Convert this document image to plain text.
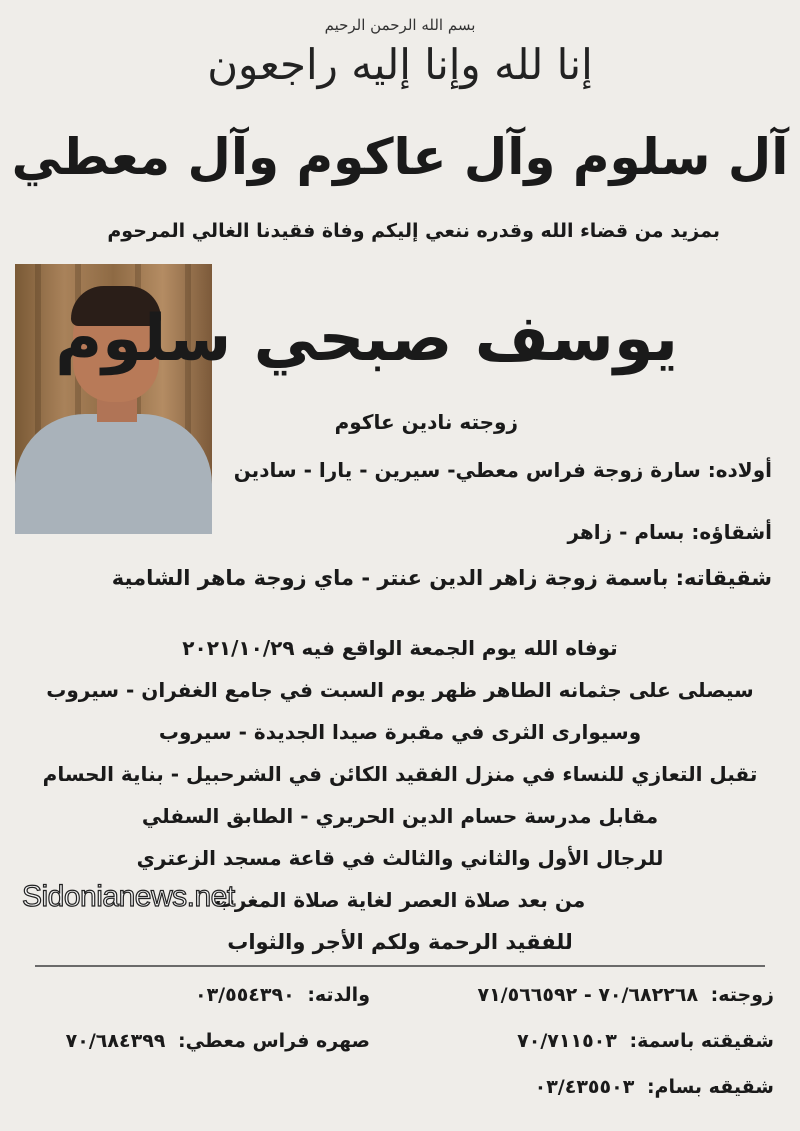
بسم الله الرحمن الرحيم
إنا لله وإنا إليه راجعون
آل سلوم وآل عاكوم وآل معطي
بمزيد من قضاء الله وقدره ننعي إليكم وفاة فقيدنا الغالي المرحوم
يوسف صبحي سلوم
زوجته نادين عاكوم
أولاده: سارة زوجة فراس معطي- سيرين - يارا - سادين
أشقاؤه: بسام - زاهر
شقيقاته: باسمة زوجة زاهر الدين عنتر - ماي زوجة ماهر الشامية
توفاه الله يوم الجمعة الواقع فيه ٢٠٢١/١٠/٢٩
سيصلى على جثمانه الطاهر ظهر يوم السبت في جامع الغفران - سيروب
وسيوارى الثرى في مقبرة صيدا الجديدة - سيروب
تقبل التعازي للنساء في منزل الفقيد الكائن في الشرحبيل - بناية الحسام
مقابل مدرسة حسام الدين الحريري - الطابق السفلي
للرجال الأول والثاني والثالث في قاعة مسجد الزعتري
من بعد صلاة العصر لغاية صلاة المغرب
للفقيد الرحمة ولكم الأجر والثواب
Sidonianews.net
زوجته: ٧٠/٦٨٢٢٦٨ - ٧١/٥٦٦٥٩٢
والدته: ٠٣/٥٥٤٣٩٠
شقيقته باسمة: ٧٠/٧١١٥٠٣
صهره فراس معطي: ٧٠/٦٨٤٣٩٩
شقيقه بسام: ٠٣/٤٣٥٥٠٣
